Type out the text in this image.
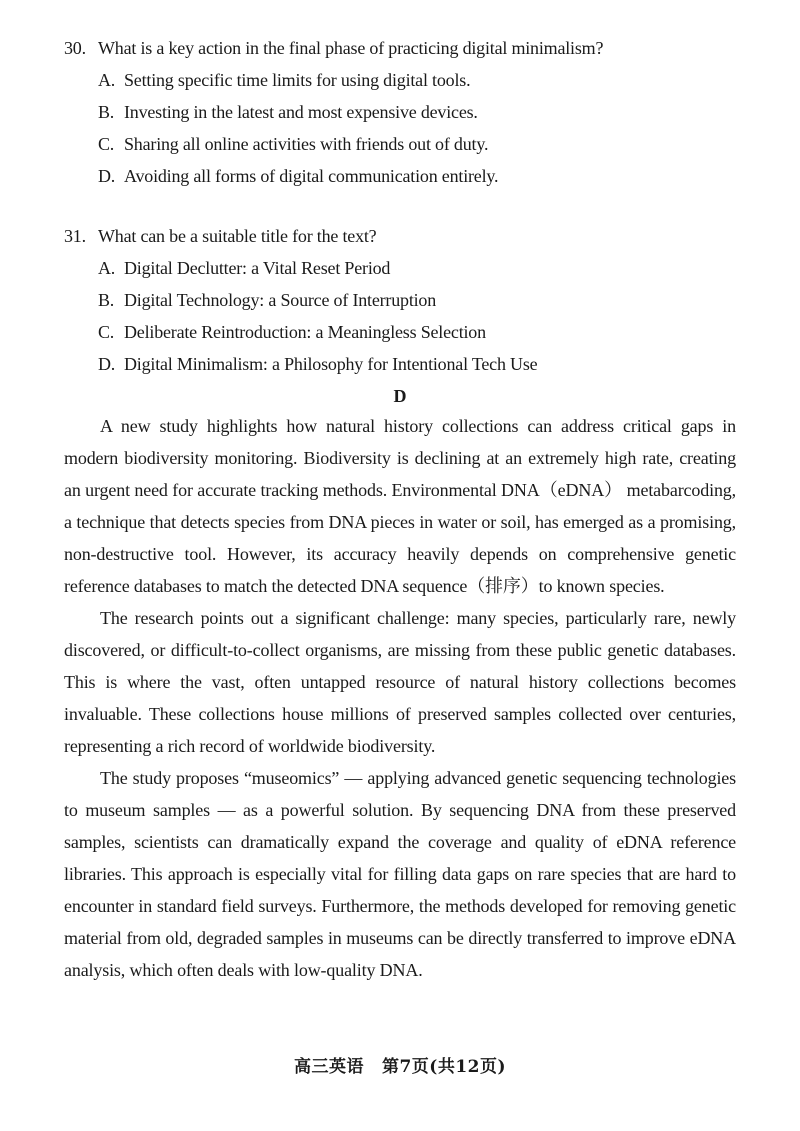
30. What is a key action in the final phase of practicing digital minimalism?
A. Setting specific time limits for using digital tools.
B. Investing in the latest and most expensive devices.
C. Sharing all online activities with friends out of duty.
D. Avoiding all forms of digital communication entirely.
31. What can be a suitable title for the text?
A. Digital Declutter: a Vital Reset Period
B. Digital Technology: a Source of Interruption
C. Deliberate Reintroduction: a Meaningless Selection
D. Digital Minimalism: a Philosophy for Intentional Tech Use
D

A new study highlights how natural history collections can address critical gaps in modern biodiversity monitoring. Biodiversity is declining at an extremely high rate, creating an urgent need for accurate tracking methods. Environmental DNA（eDNA） metabarcoding, a technique that detects species from DNA pieces in water or soil, has emerged as a promising, non-destructive tool. However, its accuracy heavily depends on comprehensive genetic reference databases to match the detected DNA sequence（排序）to known species.

The research points out a significant challenge: many species, particularly rare, newly discovered, or difficult-to-collect organisms, are missing from these public genetic databases. This is where the vast, often untapped resource of natural history collections becomes invaluable. These collections house millions of preserved samples collected over centuries, representing a rich record of worldwide biodiversity.

The study proposes “museomics” — applying advanced genetic sequencing technologies to museum samples — as a powerful solution. By sequencing DNA from these preserved samples, scientists can dramatically expand the coverage and quality of eDNA reference libraries. This approach is especially vital for filling data gaps on rare species that are hard to encounter in standard field surveys. Furthermore, the methods developed for removing genetic material from old, degraded samples in museums can be directly transferred to improve eDNA analysis, which often deals with low-quality DNA.

高三英语 第7页(共12页)
